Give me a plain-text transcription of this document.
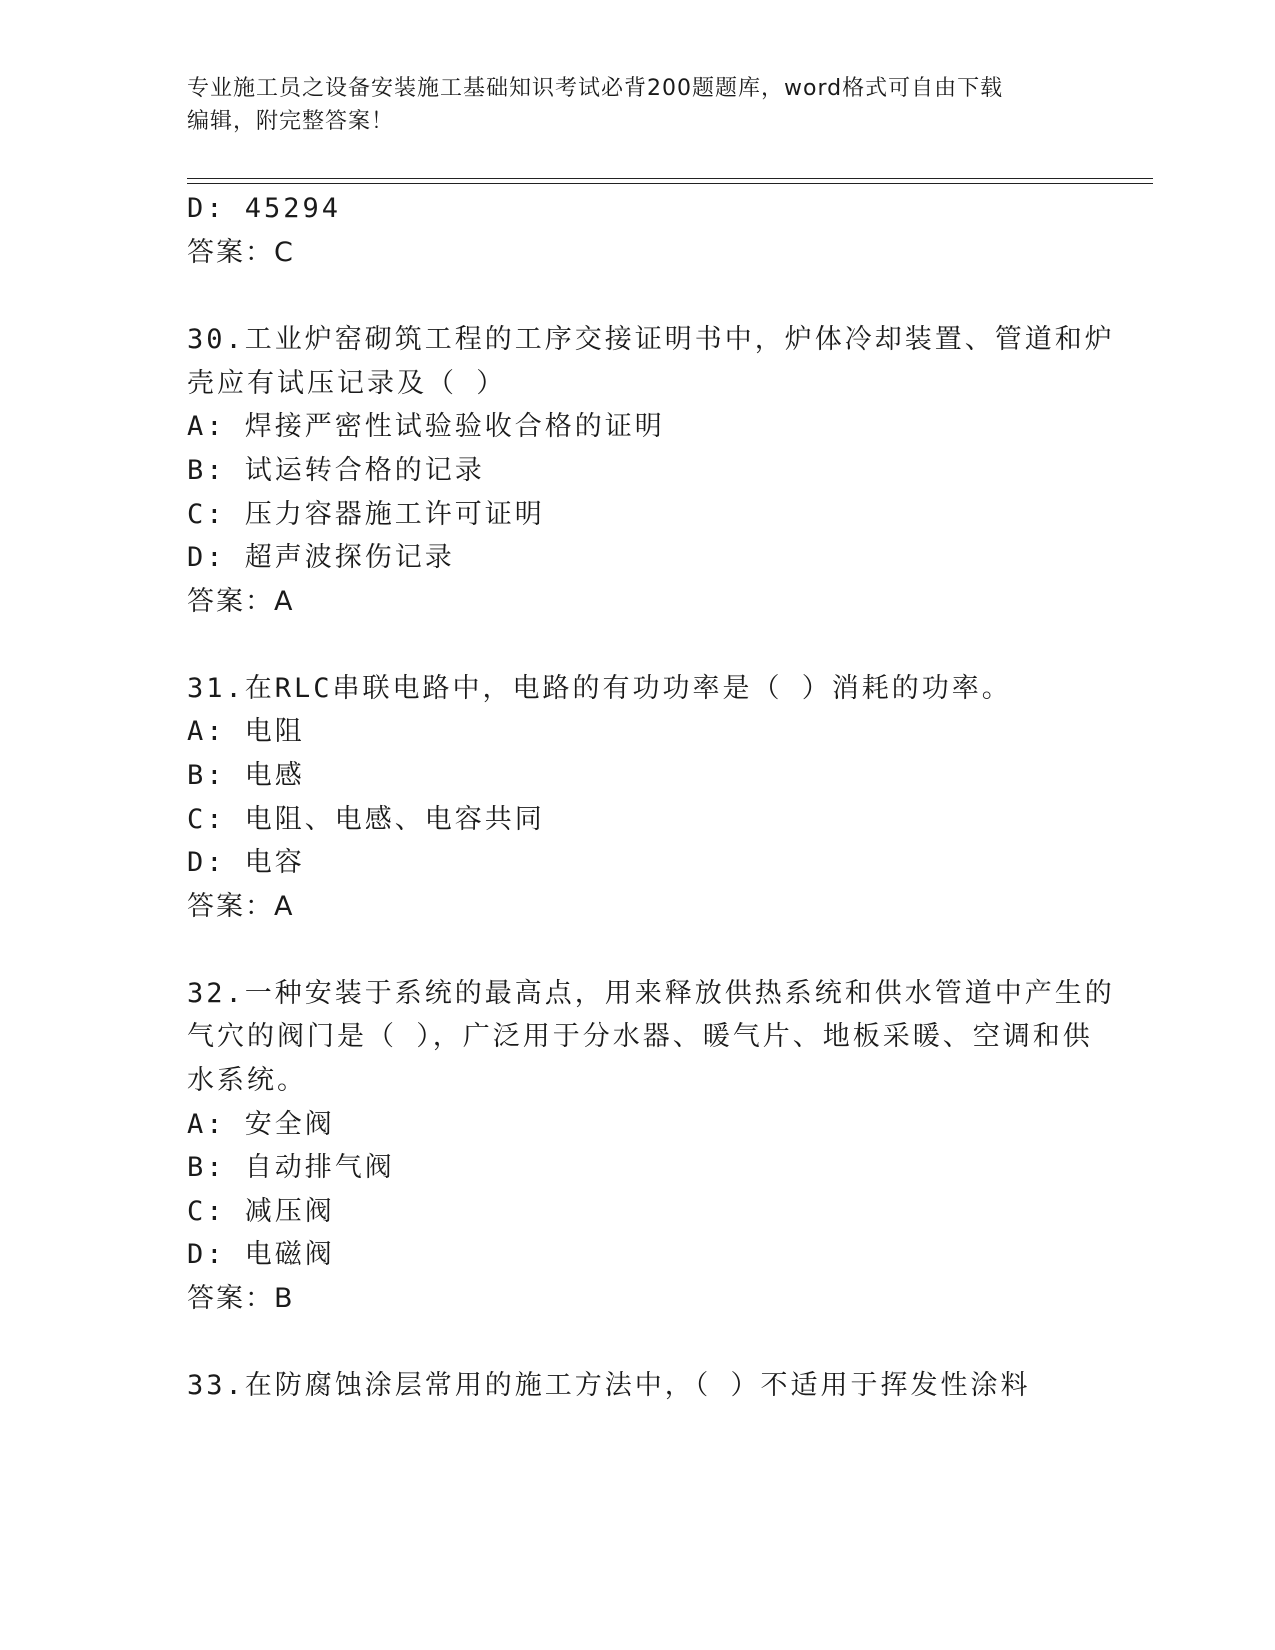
专业施工员之设备安装施工基础知识考试必背200题题库，word格式可自由下载
编辑，附完整答案！
D: 45294
答案：C
30.工业炉窑砌筑工程的工序交接证明书中，炉体冷却装置、管道和炉
壳应有试压记录及（ ）
A: 焊接严密性试验验收合格的证明
B: 试运转合格的记录
C: 压力容器施工许可证明
D: 超声波探伤记录
答案：A
31.在RLC串联电路中，电路的有功功率是（ ）消耗的功率。
A: 电阻
B: 电感
C: 电阻、电感、电容共同
D: 电容
答案：A
32.一种安装于系统的最高点，用来释放供热系统和供水管道中产生的
气穴的阀门是（ ），广泛用于分水器、暖气片、地板采暖、空调和供
水系统。
A: 安全阀
B: 自动排气阀
C: 减压阀
D: 电磁阀
答案：B
33.在防腐蚀涂层常用的施工方法中，（ ）不适用于挥发性涂料
